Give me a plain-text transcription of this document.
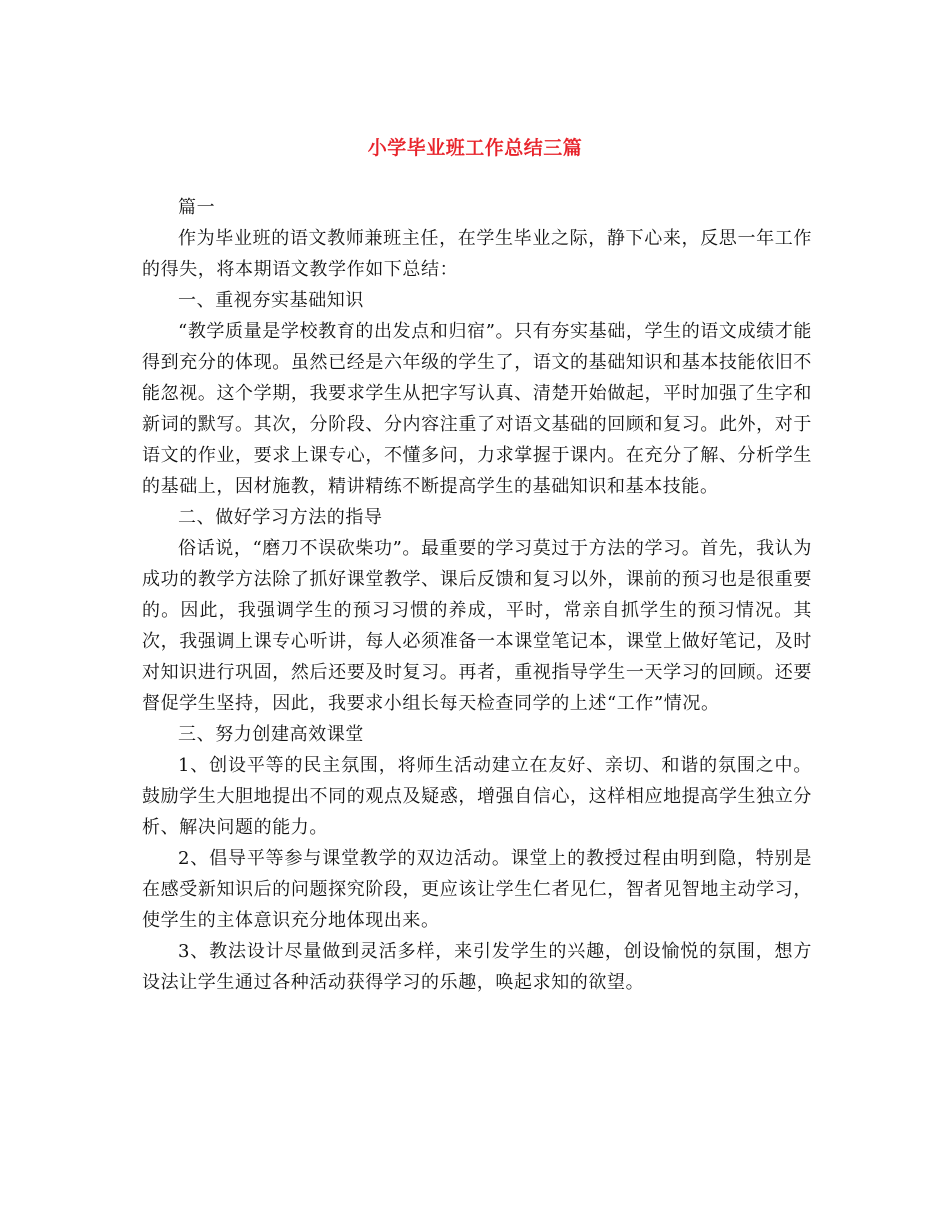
小学毕业班工作总结三篇

篇一

作为毕业班的语文教师兼班主任，在学生毕业之际，静下心来，反思一年工作的得失，将本期语文教学作如下总结：

一、重视夯实基础知识

“教学质量是学校教育的出发点和归宿”。只有夯实基础，学生的语文成绩才能得到充分的体现。虽然已经是六年级的学生了，语文的基础知识和基本技能依旧不能忽视。这个学期，我要求学生从把字写认真、清楚开始做起，平时加强了生字和新词的默写。其次，分阶段、分内容注重了对语文基础的回顾和复习。此外，对于语文的作业，要求上课专心，不懂多问，力求掌握于课内。在充分了解、分析学生的基础上，因材施教，精讲精练不断提高学生的基础知识和基本技能。

二、做好学习方法的指导

俗话说，“磨刀不误砍柴功”。最重要的学习莫过于方法的学习。首先，我认为成功的教学方法除了抓好课堂教学、课后反馈和复习以外，课前的预习也是很重要的。因此，我强调学生的预习习惯的养成，平时，常亲自抓学生的预习情况。其次，我强调上课专心听讲，每人必须准备一本课堂笔记本，课堂上做好笔记，及时对知识进行巩固，然后还要及时复习。再者，重视指导学生一天学习的回顾。还要督促学生坚持，因此，我要求小组长每天检查同学的上述“工作”情况。

三、努力创建高效课堂

1、创设平等的民主氛围，将师生活动建立在友好、亲切、和谐的氛围之中。鼓励学生大胆地提出不同的观点及疑惑，增强自信心，这样相应地提高学生独立分析、解决问题的能力。

2、倡导平等参与课堂教学的双边活动。课堂上的教授过程由明到隐，特别是在感受新知识后的问题探究阶段，更应该让学生仁者见仁，智者见智地主动学习，使学生的主体意识充分地体现出来。

3、教法设计尽量做到灵活多样，来引发学生的兴趣，创设愉悦的氛围，想方设法让学生通过各种活动获得学习的乐趣，唤起求知的欲望。
